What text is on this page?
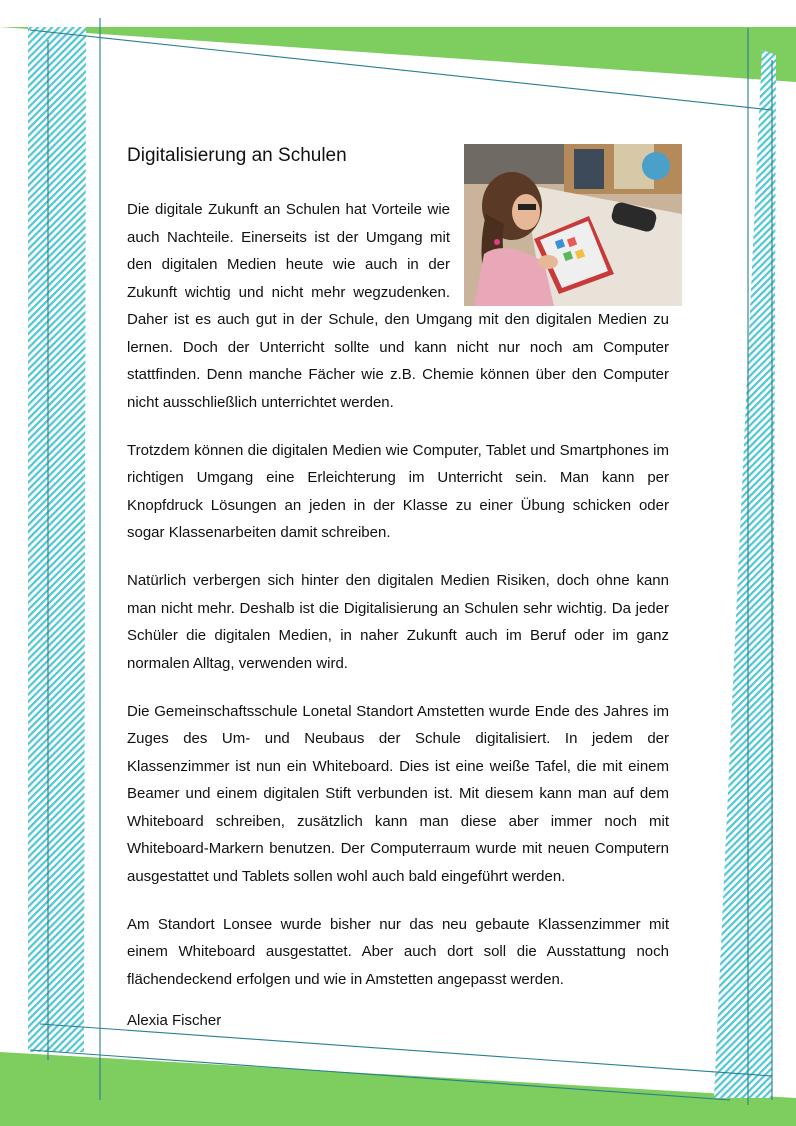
Digitalisierung an Schulen

Die digitale Zukunft an Schulen hat Vorteile wie auch Nachteile. Einerseits ist der Umgang mit den digitalen Medien heute wie auch in der Zukunft wichtig und nicht mehr wegzudenken. Daher ist es auch gut in der Schule, den Umgang mit den digitalen Medien zu lernen. Doch der Unterricht sollte und kann nicht nur noch am Computer stattfinden. Denn manche Fächer wie z.B. Chemie können über den Computer nicht ausschließlich unterrichtet werden.

Trotzdem können die digitalen Medien wie Computer, Tablet und Smartphones im richtigen Umgang eine Erleichterung im Unterricht sein. Man kann per Knopfdruck Lösungen an jeden in der Klasse zu einer Übung schicken oder sogar Klassenarbeiten damit schreiben.

Natürlich verbergen sich hinter den digitalen Medien Risiken, doch ohne kann man nicht mehr. Deshalb ist die Digitalisierung an Schulen sehr wichtig. Da jeder Schüler die digitalen Medien, in naher Zukunft auch im Beruf oder im ganz normalen Alltag, verwenden wird.

Die Gemeinschaftsschule Lonetal Standort Amstetten wurde Ende des Jahres im Zuges des Um- und Neubaus der Schule digitalisiert. In jedem der Klassenzimmer ist nun ein Whiteboard. Dies ist eine weiße Tafel, die mit einem Beamer und einem digitalen Stift verbunden ist. Mit diesem kann man auf dem Whiteboard schreiben, zusätzlich kann man diese aber immer noch mit Whiteboard-Markern benutzen. Der Computerraum wurde mit neuen Computern ausgestattet und Tablets sollen wohl auch bald eingeführt werden.

Am Standort Lonsee wurde bisher nur das neu gebaute Klassenzimmer mit einem Whiteboard ausgestattet. Aber auch dort soll die Ausstattung noch flächendeckend erfolgen und wie in Amstetten angepasst werden.

Alexia Fischer
